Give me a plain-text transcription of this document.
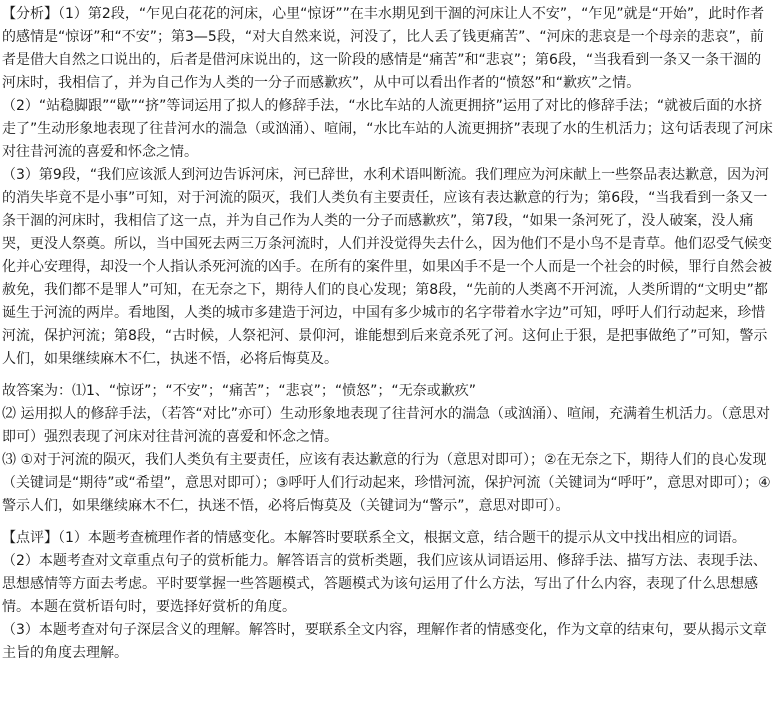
【分析】（1）第2段，“乍见白花花的河床，心里“惊讶””在丰水期见到干涸的河床让人不安”，“乍见”就是“开始”，此时作者的感情是“惊讶”和“不安”；第3—5段，“对大自然来说，河没了，比人丢了钱更痛苦”、“河床的悲哀是一个母亲的悲哀”，前者是借大自然之口说出的，后者是借河床说出的，这一阶段的感情是“痛苦”和“悲哀”；第6段，“当我看到一条又一条干涸的河床时，我相信了，并为自己作为人类的一分子而感歉疚”，从中可以看出作者的“愤怒”和“歉疚”之情。

（2）“站稳脚跟”“歇”“挤”等词运用了拟人的修辞手法，“水比车站的人流更拥挤”运用了对比的修辞手法；“就被后面的水挤走了”生动形象地表现了往昔河水的湍急（或汹涌）、喧闹，“水比车站的人流更拥挤”表现了水的生机活力；这句话表现了河床对往昔河流的喜爱和怀念之情。

（3）第9段，“我们应该派人到河边告诉河床，河已辞世，水利术语叫断流。我们理应为河床献上一些祭品表达歉意，因为河的消失毕竟不是小事”可知，对于河流的陨灭，我们人类负有主要责任，应该有表达歉意的行为；第6段，“当我看到一条又一条干涸的河床时，我相信了这一点，并为自己作为人类的一分子而感歉疚”，第7段，“如果一条河死了，没人破案，没人痛哭，更没人祭奠。所以，当中国死去两三万条河流时，人们并没觉得失去什么，因为他们不是小鸟不是青草。他们忍受气候变化并心安理得，却没一个人指认杀死河流的凶手。在所有的案件里，如果凶手不是一个人而是一个社会的时候，罪行自然会被赦免，我们都不是罪人”可知，在无奈之下，期待人们的良心发现；第8段，“先前的人类离不开河流，人类所谓的“文明史”都诞生于河流的两岸。看地图，人类的城市多建造于河边，中国有多少城市的名字带着水字边”可知，呼吁人们行动起来，珍惜河流，保护河流；第8段，“古时候，人祭祀河、景仰河，谁能想到后来竟杀死了河。这何止于狠，是把事做绝了”可知，警示人们，如果继续麻木不仁，执迷不悟，必将后悔莫及。

故答案为：⑴1、“惊讶”；“不安”；“痛苦”；“悲哀”；“愤怒”；“无奈或歉疚”

⑵ 运用拟人的修辞手法，（若答“对比”亦可）生动形象地表现了往昔河水的湍急（或汹涌）、喧闹，充满着生机活力。（意思对即可）强烈表现了河床对往昔河流的喜爱和怀念之情。

⑶ ①对于河流的陨灭，我们人类负有主要责任，应该有表达歉意的行为（意思对即可）；②在无奈之下，期待人们的良心发现（关键词是“期待”或“希望”，意思对即可）；③呼吁人们行动起来，珍惜河流，保护河流（关键词为“呼吁”，意思对即可）；④警示人们，如果继续麻木不仁，执迷不悟，必将后悔莫及（关键词为“警示”，意思对即可）。

【点评】（1）本题考查梳理作者的情感变化。本解答时要联系全文，根据文意，结合题干的提示从文中找出相应的词语。

（2）本题考查对文章重点句子的赏析能力。解答语言的赏析类题，我们应该从词语运用、修辞手法、描写方法、表现手法、思想感情等方面去考虑。平时要掌握一些答题模式，答题模式为该句运用了什么方法，写出了什么内容，表现了什么思想感情。本题在赏析语句时，要选择好赏析的角度。

（3）本题考查对句子深层含义的理解。解答时，要联系全文内容，理解作者的情感变化，作为文章的结束句，要从揭示文章主旨的角度去理解。
